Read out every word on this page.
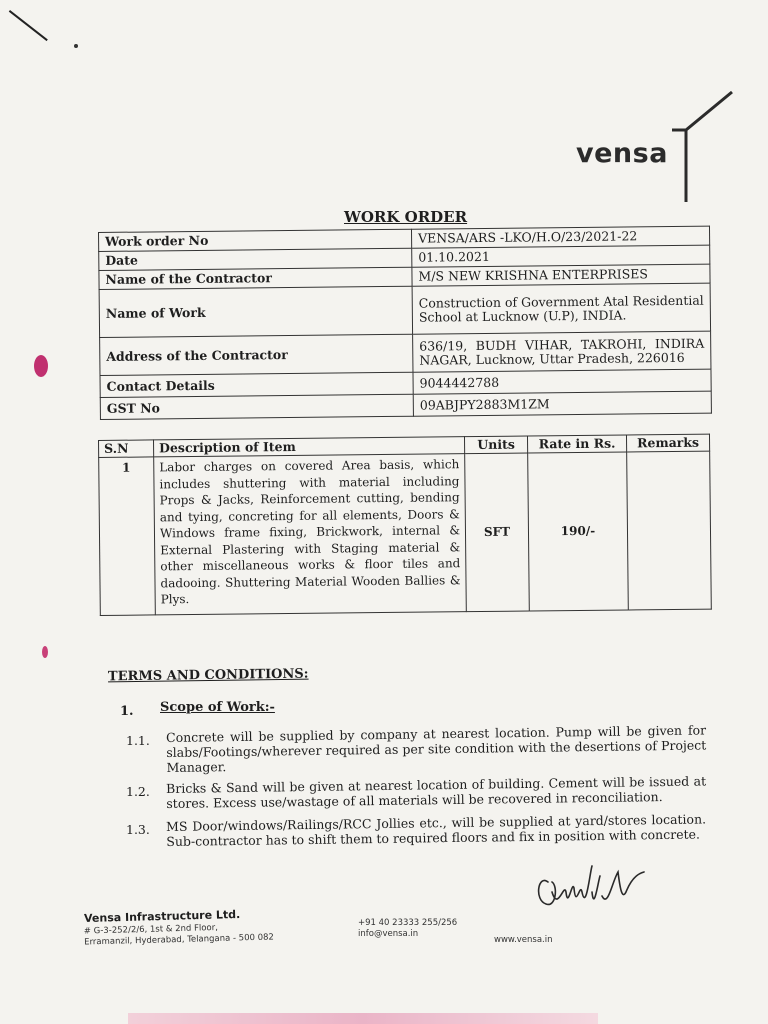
vensa
WORK ORDER
Work order No	VENSA/ARS -LKO/H.O/23/2021-22
Date	01.10.2021
Name of the Contractor	M/S NEW KRISHNA ENTERPRISES
Name of Work	Construction of Government Atal Residential School at Lucknow (U.P), INDIA.
Address of the Contractor	636/19, BUDH VIHAR, TAKROHI, INDIRA NAGAR, Lucknow, Uttar Pradesh, 226016
Contact Details	9044442788
GST No	09ABJPY2883M1ZM
S.N	Description of Item	Units	Rate in Rs.	Remarks
1	Labor charges on covered Area basis, which includes shuttering with material including Props & Jacks, Reinforcement cutting, bending and tying, concreting for all elements, Doors & Windows frame fixing, Brickwork, internal & External Plastering with Staging material & other miscellaneous works & floor tiles and dadooing. Shuttering Material Wooden Ballies & Plys.	SFT	190/-	
TERMS AND CONDITIONS:
1. Scope of Work:-
1.1. Concrete will be supplied by company at nearest location. Pump will be given for slabs/Footings/wherever required as per site condition with the desertions of Project Manager.
1.2. Bricks & Sand will be given at nearest location of building. Cement will be issued at stores. Excess use/wastage of all materials will be recovered in reconciliation.
1.3. MS Door/windows/Railings/RCC Jollies etc., will be supplied at yard/stores location. Sub-contractor has to shift them to required floors and fix in position with concrete.
Vensa Infrastructure Ltd.
# G-3-252/2/6, 1st & 2nd Floor,
Erramanzil, Hyderabad, Telangana - 500 082
+91 40 23333 255/256
info@vensa.in
www.vensa.in
